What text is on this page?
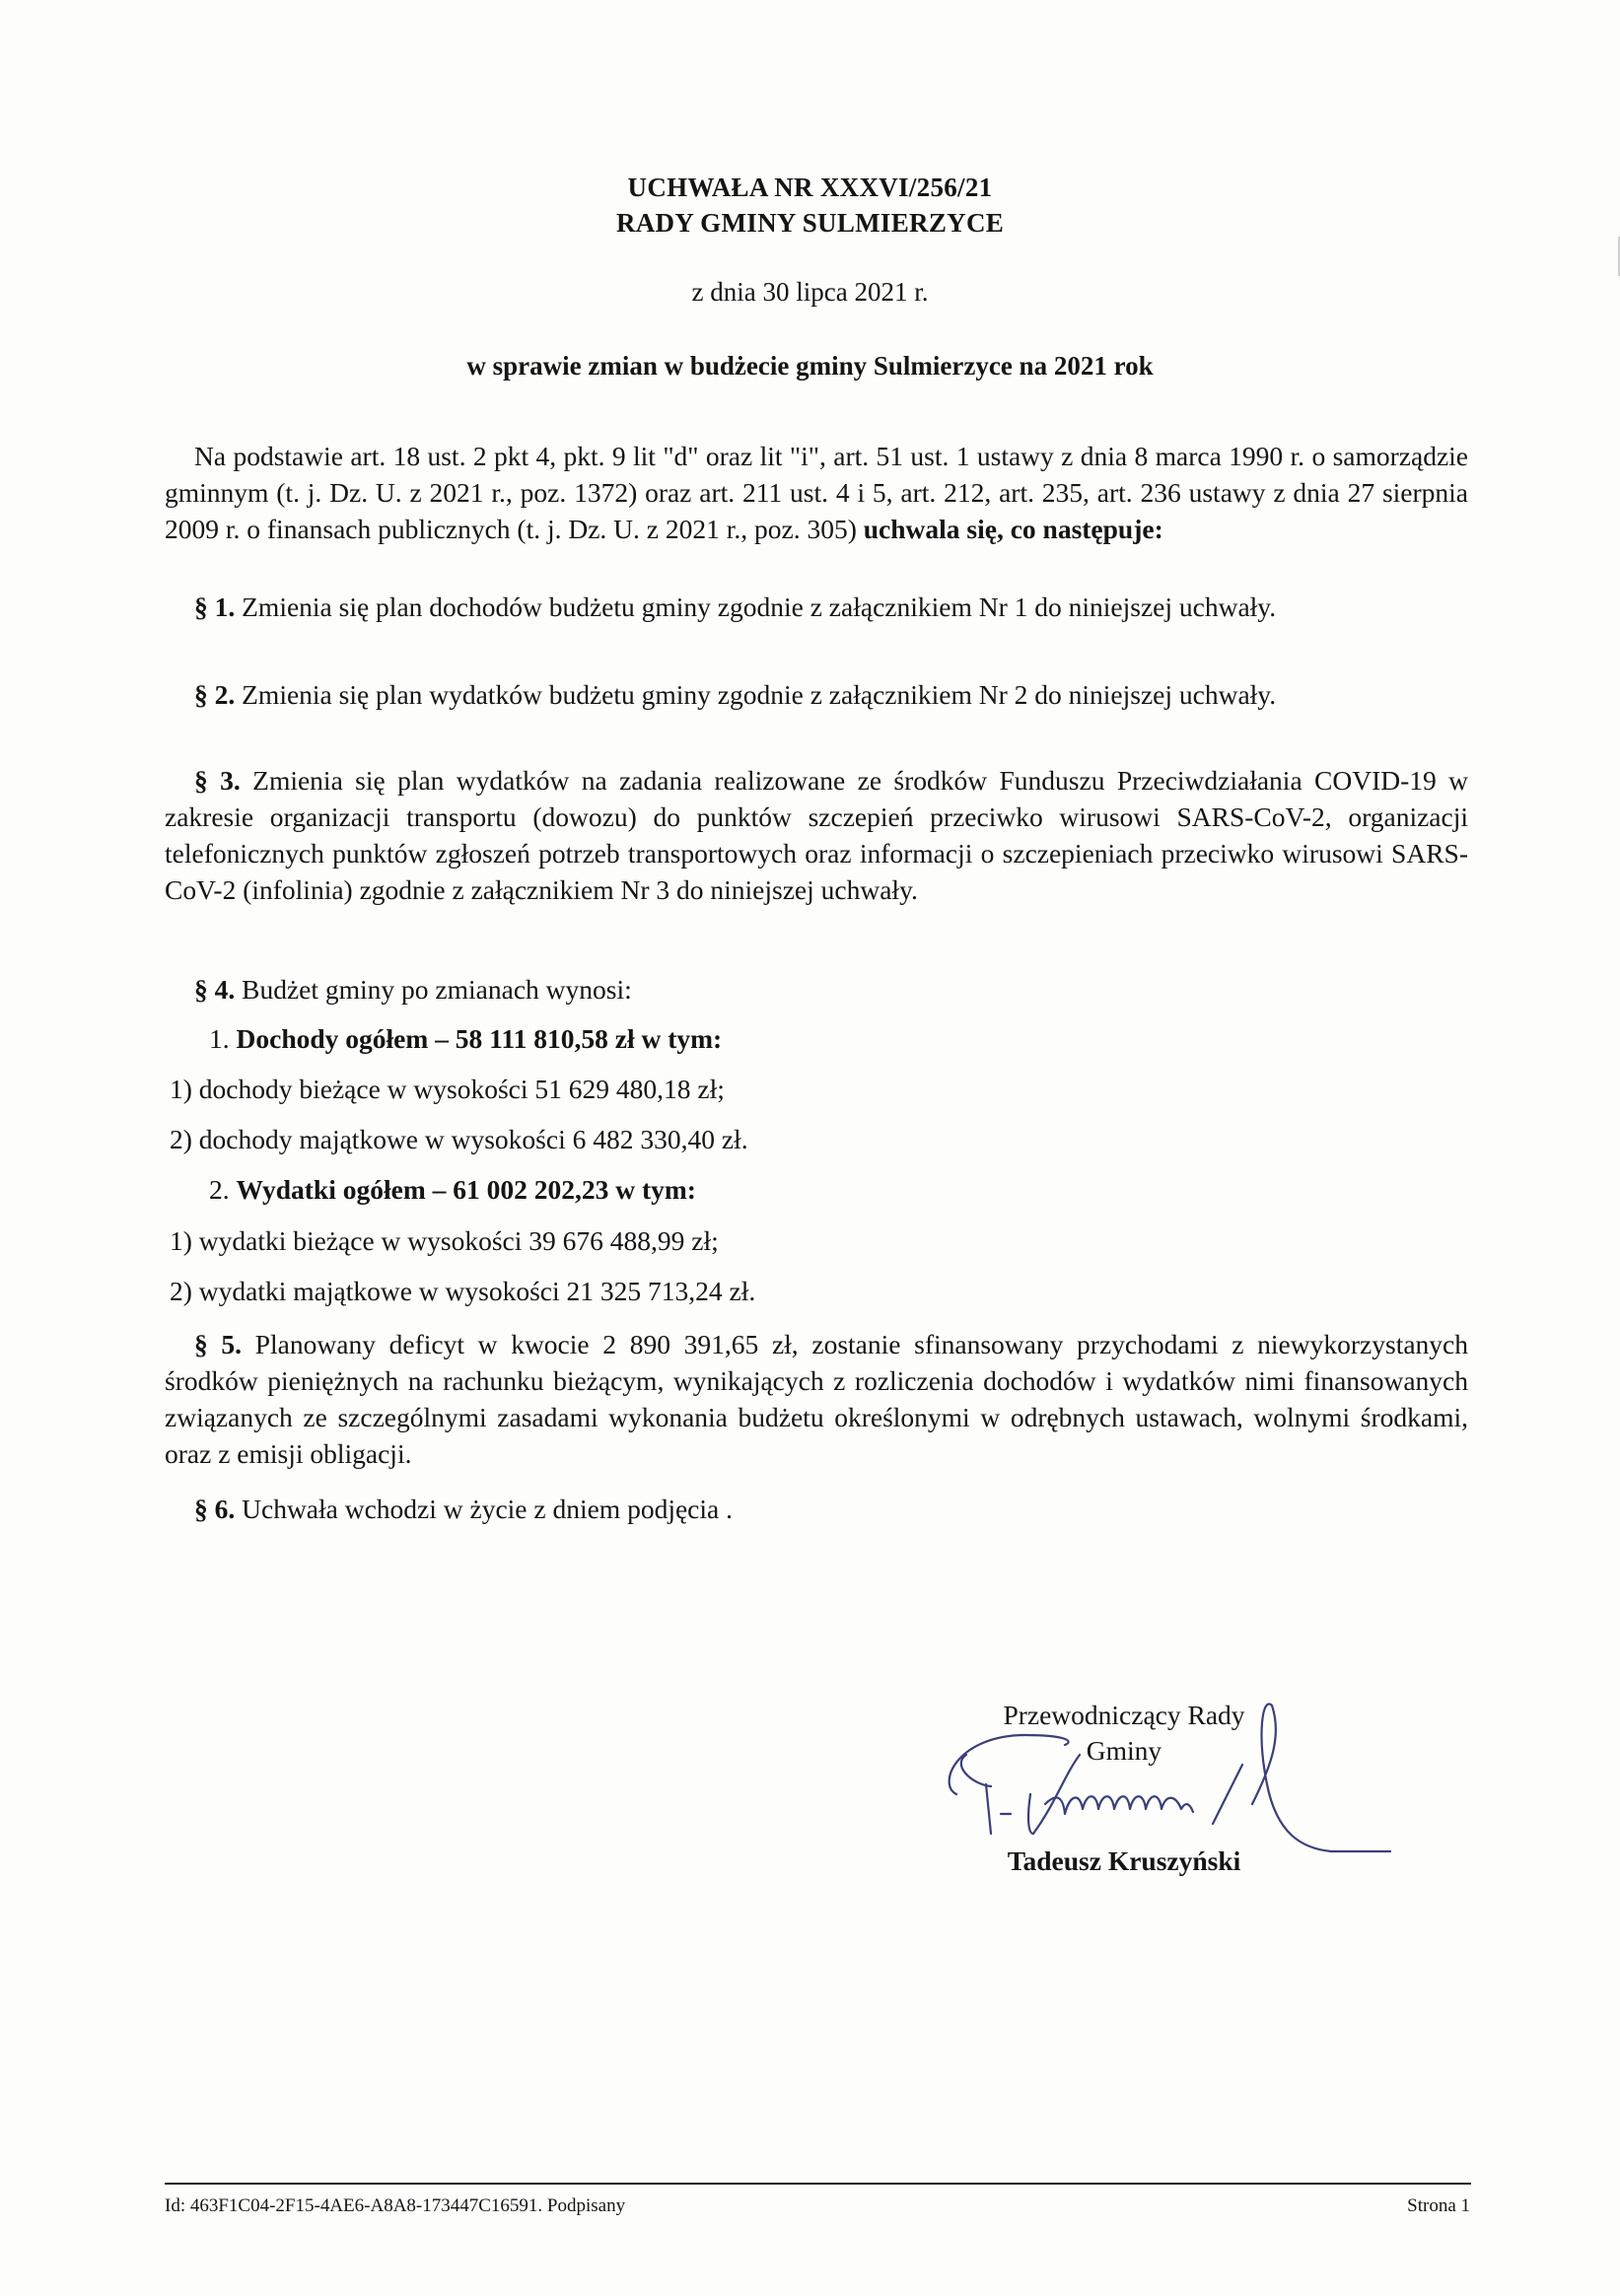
UCHWAŁA NR XXXVI/256/21
RADY GMINY SULMIERZYCE
z dnia 30 lipca 2021 r.
w sprawie zmian w budżecie gminy Sulmierzyce na 2021 rok
Na podstawie art. 18 ust. 2 pkt 4, pkt. 9 lit "d" oraz lit "i", art. 51 ust. 1 ustawy z dnia 8 marca 1990 r. o samorządzie gminnym (t. j. Dz. U. z 2021 r., poz. 1372) oraz art. 211 ust. 4 i 5, art. 212, art. 235, art. 236 ustawy z dnia 27 sierpnia 2009 r. o finansach publicznych (t. j. Dz. U. z 2021 r., poz. 305) uchwala się, co następuje:
§ 1. Zmienia się plan dochodów budżetu gminy zgodnie z załącznikiem Nr 1 do niniejszej uchwały.
§ 2. Zmienia się plan wydatków budżetu gminy zgodnie z załącznikiem Nr 2 do niniejszej uchwały.
§ 3. Zmienia się plan wydatków na zadania realizowane ze środków Funduszu Przeciwdziałania COVID-19 w zakresie organizacji transportu (dowozu) do punktów szczepień przeciwko wirusowi SARS-CoV-2, organizacji telefonicznych punktów zgłoszeń potrzeb transportowych oraz informacji o szczepieniach przeciwko wirusowi SARS-CoV-2 (infolinia) zgodnie z załącznikiem Nr 3 do niniejszej uchwały.
§ 4. Budżet gminy po zmianach wynosi:
1. Dochody ogółem – 58 111 810,58 zł w tym:
1) dochody bieżące w wysokości 51 629 480,18 zł;
2) dochody majątkowe w wysokości 6 482 330,40 zł.
2. Wydatki ogółem – 61 002 202,23 w tym:
1) wydatki bieżące w wysokości 39 676 488,99 zł;
2) wydatki majątkowe w wysokości 21 325 713,24 zł.
§ 5. Planowany deficyt w kwocie 2 890 391,65 zł, zostanie sfinansowany przychodami z niewykorzystanych środków pieniężnych na rachunku bieżącym, wynikających z rozliczenia dochodów i wydatków nimi finansowanych związanych ze szczególnymi zasadami wykonania budżetu określonymi w odrębnych ustawach, wolnymi środkami, oraz z emisji obligacji.
§ 6. Uchwała wchodzi w życie z dniem podjęcia .
Przewodniczący Rady
Gminy
Tadeusz Kruszyński
Id: 463F1C04-2F15-4AE6-A8A8-173447C16591. Podpisany	Strona 1
